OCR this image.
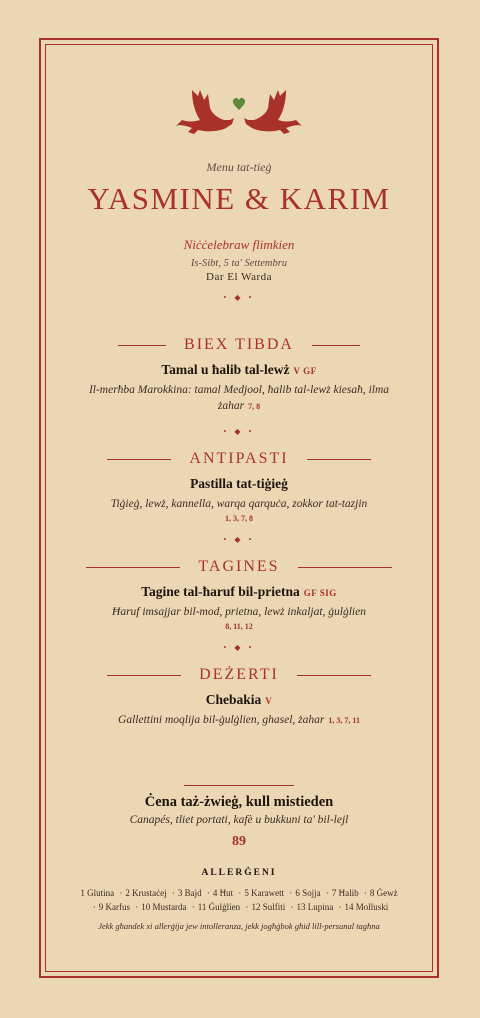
Menu tat-tieġ
YASMINE & KARIM
Niċċelebraw flimkien
Is-Sibt, 5 ta' Settembru
Dar El Warda
• ◆ •
BIEX TIBDA
Tamal u ħalib tal-lewż V GF
Il-merħba Marokkina: tamal Medjool, ħalib tal-lewż kiesaħ, ilma żahar 7, 8
• ◆ •
ANTIPASTI
Pastilla tat-tiġieġ
Tiġieġ, lewż, kannella, warqa qarquċa, zokkor tat-tazjin
1, 3, 7, 8
• ◆ •
TAGINES
Tagine tal-ħaruf bil-prietna GF SIG
Ħaruf imsajjar bil-mod, prietna, lewż inkaljat, ġulġlien
8, 11, 12
• ◆ •
DEŻERTI
Chebakia V
Gallettini moqlija bil-ġulġlien, ghasel, żahar 1, 3, 7, 11
Ċena taż-żwieġ, kull mistieden
Canapés, tliet portati, kafè u bukkuni ta' bil-lejl
89
ALLERĠENI
1 Glutina · 2 Krustaċej · 3 Bajd · 4 Ħut · 5 Karawett · 6 Sojja · 7 Ħalib · 8 Ġewż · 9 Karfus · 10 Mustarda · 11 Ġulġlien · 12 Sulfiti · 13 Lupina · 14 Molluski
Jekk għandek xi allerġija jew intolleranza, jekk jogħġbok għid lill-persunal tagħna
